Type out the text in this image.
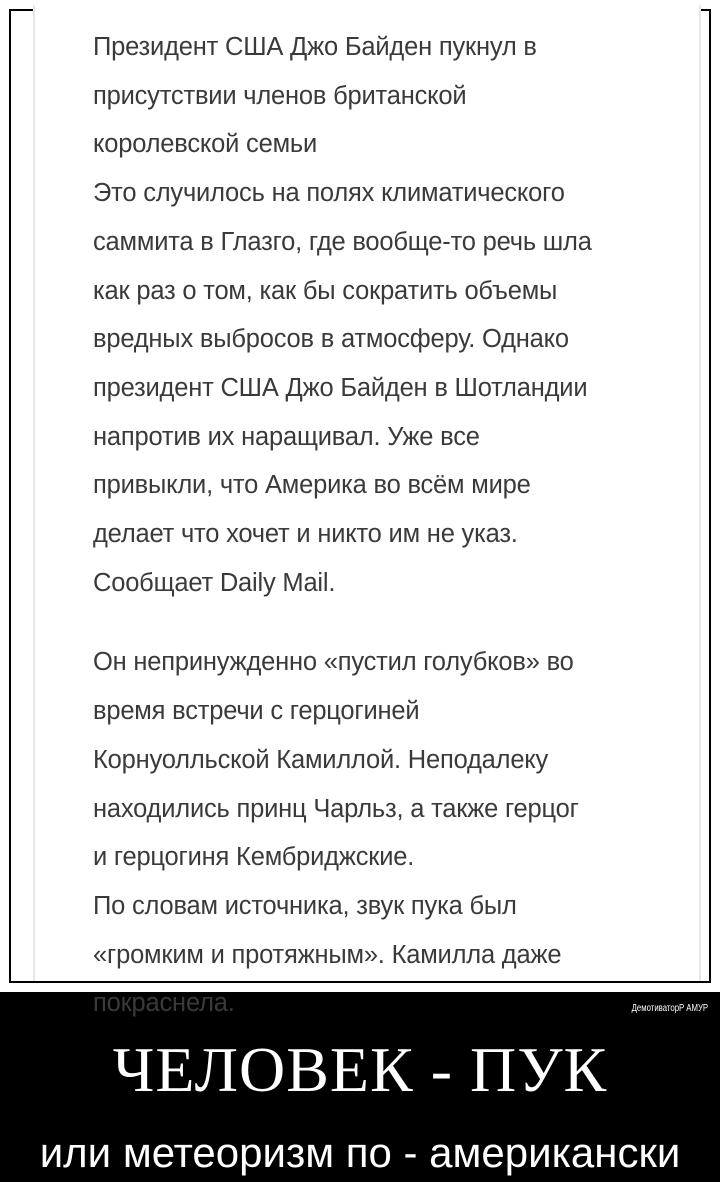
Президент США Джо Байден пукнул в
присутствии членов британской
королевской семьи
Это случилось на полях климатического
саммита в Глазго, где вообще-то речь шла
как раз о том, как бы сократить объемы
вредных выбросов в атмосферу. Однако
президент США Джо Байден в Шотландии
напротив их наращивал. Уже все
привыкли, что Америка во всём мире
делает что хочет и никто им не указ.
Сообщает Daily Mail.

Он непринужденно «пустил голубков» во
время встречи с герцогиней
Корнуолльской Камиллой. Неподалеку
находились принц Чарльз, а также герцог
и герцогиня Кембриджские.
По словам источника, звук пука был
«громким и протяжным». Камилла даже
покраснела.	ДемотиваторP АМУР
ЧЕЛОВЕК - ПУК
или метеоризм по - американски
